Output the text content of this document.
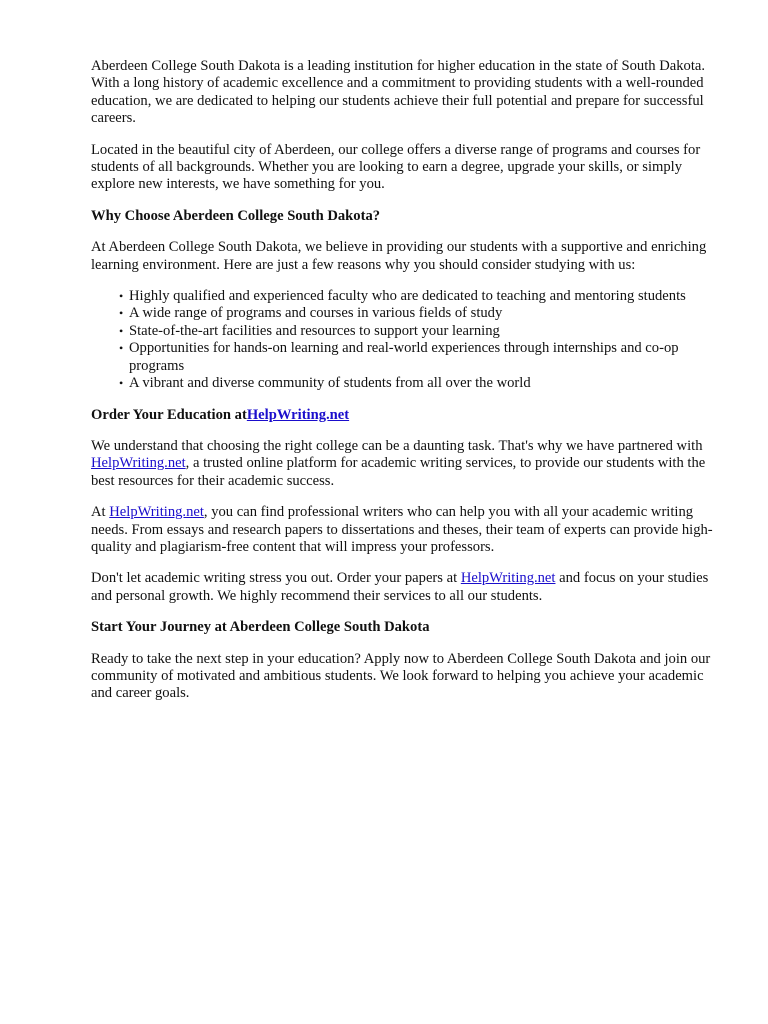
Aberdeen College South Dakota is a leading institution for higher education in the state of South Dakota. With a long history of academic excellence and a commitment to providing students with a well-rounded education, we are dedicated to helping our students achieve their full potential and prepare for successful careers.

Located in the beautiful city of Aberdeen, our college offers a diverse range of programs and courses for students of all backgrounds. Whether you are looking to earn a degree, upgrade your skills, or simply explore new interests, we have something for you.

Why Choose Aberdeen College South Dakota?

At Aberdeen College South Dakota, we believe in providing our students with a supportive and enriching learning environment. Here are just a few reasons why you should consider studying with us:

• Highly qualified and experienced faculty who are dedicated to teaching and mentoring students
• A wide range of programs and courses in various fields of study
• State-of-the-art facilities and resources to support your learning
• Opportunities for hands-on learning and real-world experiences through internships and co-op programs
• A vibrant and diverse community of students from all over the world
Order Your Education atHelpWriting.net

We understand that choosing the right college can be a daunting task. That's why we have partnered with HelpWriting.net, a trusted online platform for academic writing services, to provide our students with the best resources for their academic success.

At HelpWriting.net, you can find professional writers who can help you with all your academic writing needs. From essays and research papers to dissertations and theses, their team of experts can provide high-quality and plagiarism-free content that will impress your professors.

Don't let academic writing stress you out. Order your papers at HelpWriting.net and focus on your studies and personal growth. We highly recommend their services to all our students.

Start Your Journey at Aberdeen College South Dakota

Ready to take the next step in your education? Apply now to Aberdeen College South Dakota and join our community of motivated and ambitious students. We look forward to helping you achieve your academic and career goals.
